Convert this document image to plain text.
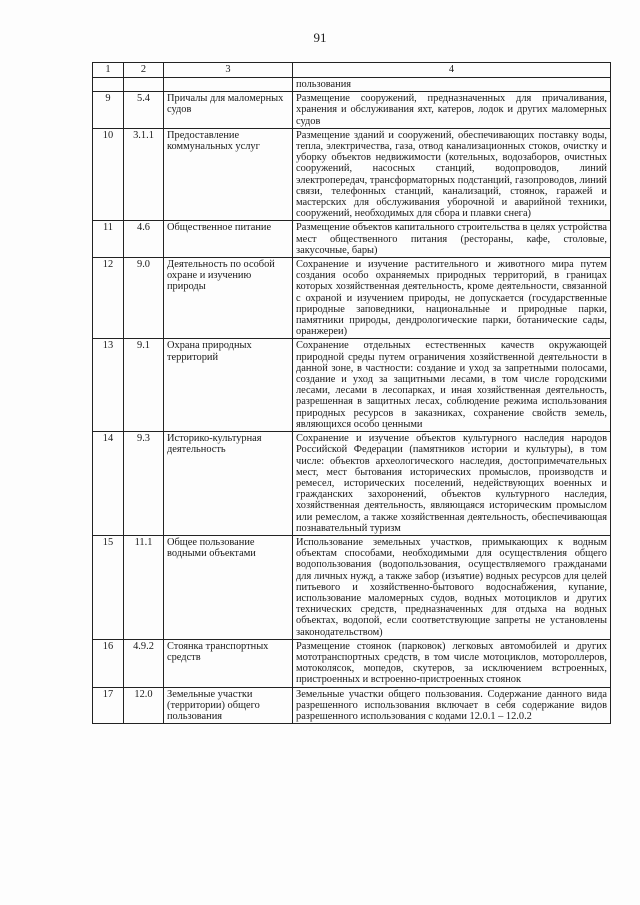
91
1	2	3	4
			пользования
9	5.4	Причалы для маломерных судов	Размещение сооружений, предназначенных для причаливания, хранения и обслуживания яхт, катеров, лодок и других маломерных судов
10	3.1.1	Предоставление коммунальных услуг	Размещение зданий и сооружений, обеспечивающих поставку воды, тепла, электричества, газа, отвод канализационных стоков, очистку и уборку объектов недвижимости (котельных, водозаборов, очистных сооружений, насосных станций, водопроводов, линий электропередач, трансформаторных подстанций, газопроводов, линий связи, телефонных станций, канализаций, стоянок, гаражей и мастерских для обслуживания уборочной и аварийной техники, сооружений, необходимых для сбора и плавки снега)
11	4.6	Общественное питание	Размещение объектов капитального строительства в целях устройства мест общественного питания (рестораны, кафе, столовые, закусочные, бары)
12	9.0	Деятельность по особой охране и изучению природы	Сохранение и изучение растительного и животного мира путем создания особо охраняемых природных территорий, в границах которых хозяйственная деятельность, кроме деятельности, связанной с охраной и изучением природы, не допускается (государственные природные заповедники, национальные и природные парки, памятники природы, дендрологические парки, ботанические сады, оранжереи)
13	9.1	Охрана природных территорий	Сохранение отдельных естественных качеств окружающей природной среды путем ограничения хозяйственной деятельности в данной зоне, в частности: создание и уход за запретными полосами, создание и уход за защитными лесами, в том числе городскими лесами, лесами в лесопарках, и иная хозяйственная деятельность, разрешенная в защитных лесах, соблюдение режима использования природных ресурсов в заказниках, сохранение свойств земель, являющихся особо ценными
14	9.3	Историко-культурная деятельность	Сохранение и изучение объектов культурного наследия народов Российской Федерации (памятников истории и культуры), в том числе: объектов археологического наследия, достопримечательных мест, мест бытования исторических промыслов, производств и ремесел, исторических поселений, недействующих военных и гражданских захоронений, объектов культурного наследия, хозяйственная деятельность, являющаяся историческим промыслом или ремеслом, а также хозяйственная деятельность, обеспечивающая познавательный туризм
15	11.1	Общее пользование водными объектами	Использование земельных участков, примыкающих к водным объектам способами, необходимыми для осуществления общего водопользования (водопользования, осуществляемого гражданами для личных нужд, а также забор (изъятие) водных ресурсов для целей питьевого и хозяйственно-бытового водоснабжения, купание, использование маломерных судов, водных мотоциклов и других технических средств, предназначенных для отдыха на водных объектах, водопой, если соответствующие запреты не установлены законодательством)
16	4.9.2	Стоянка транспортных средств	Размещение стоянок (парковок) легковых автомобилей и других мототранспортных средств, в том числе мотоциклов, мотороллеров, мотоколясок, мопедов, скутеров, за исключением встроенных, пристроенных и встроенно-пристроенных стоянок
17	12.0	Земельные участки (территории) общего пользования	Земельные участки общего пользования. Содержание данного вида разрешенного использования включает в себя содержание видов разрешенного использования с кодами 12.0.1 – 12.0.2
